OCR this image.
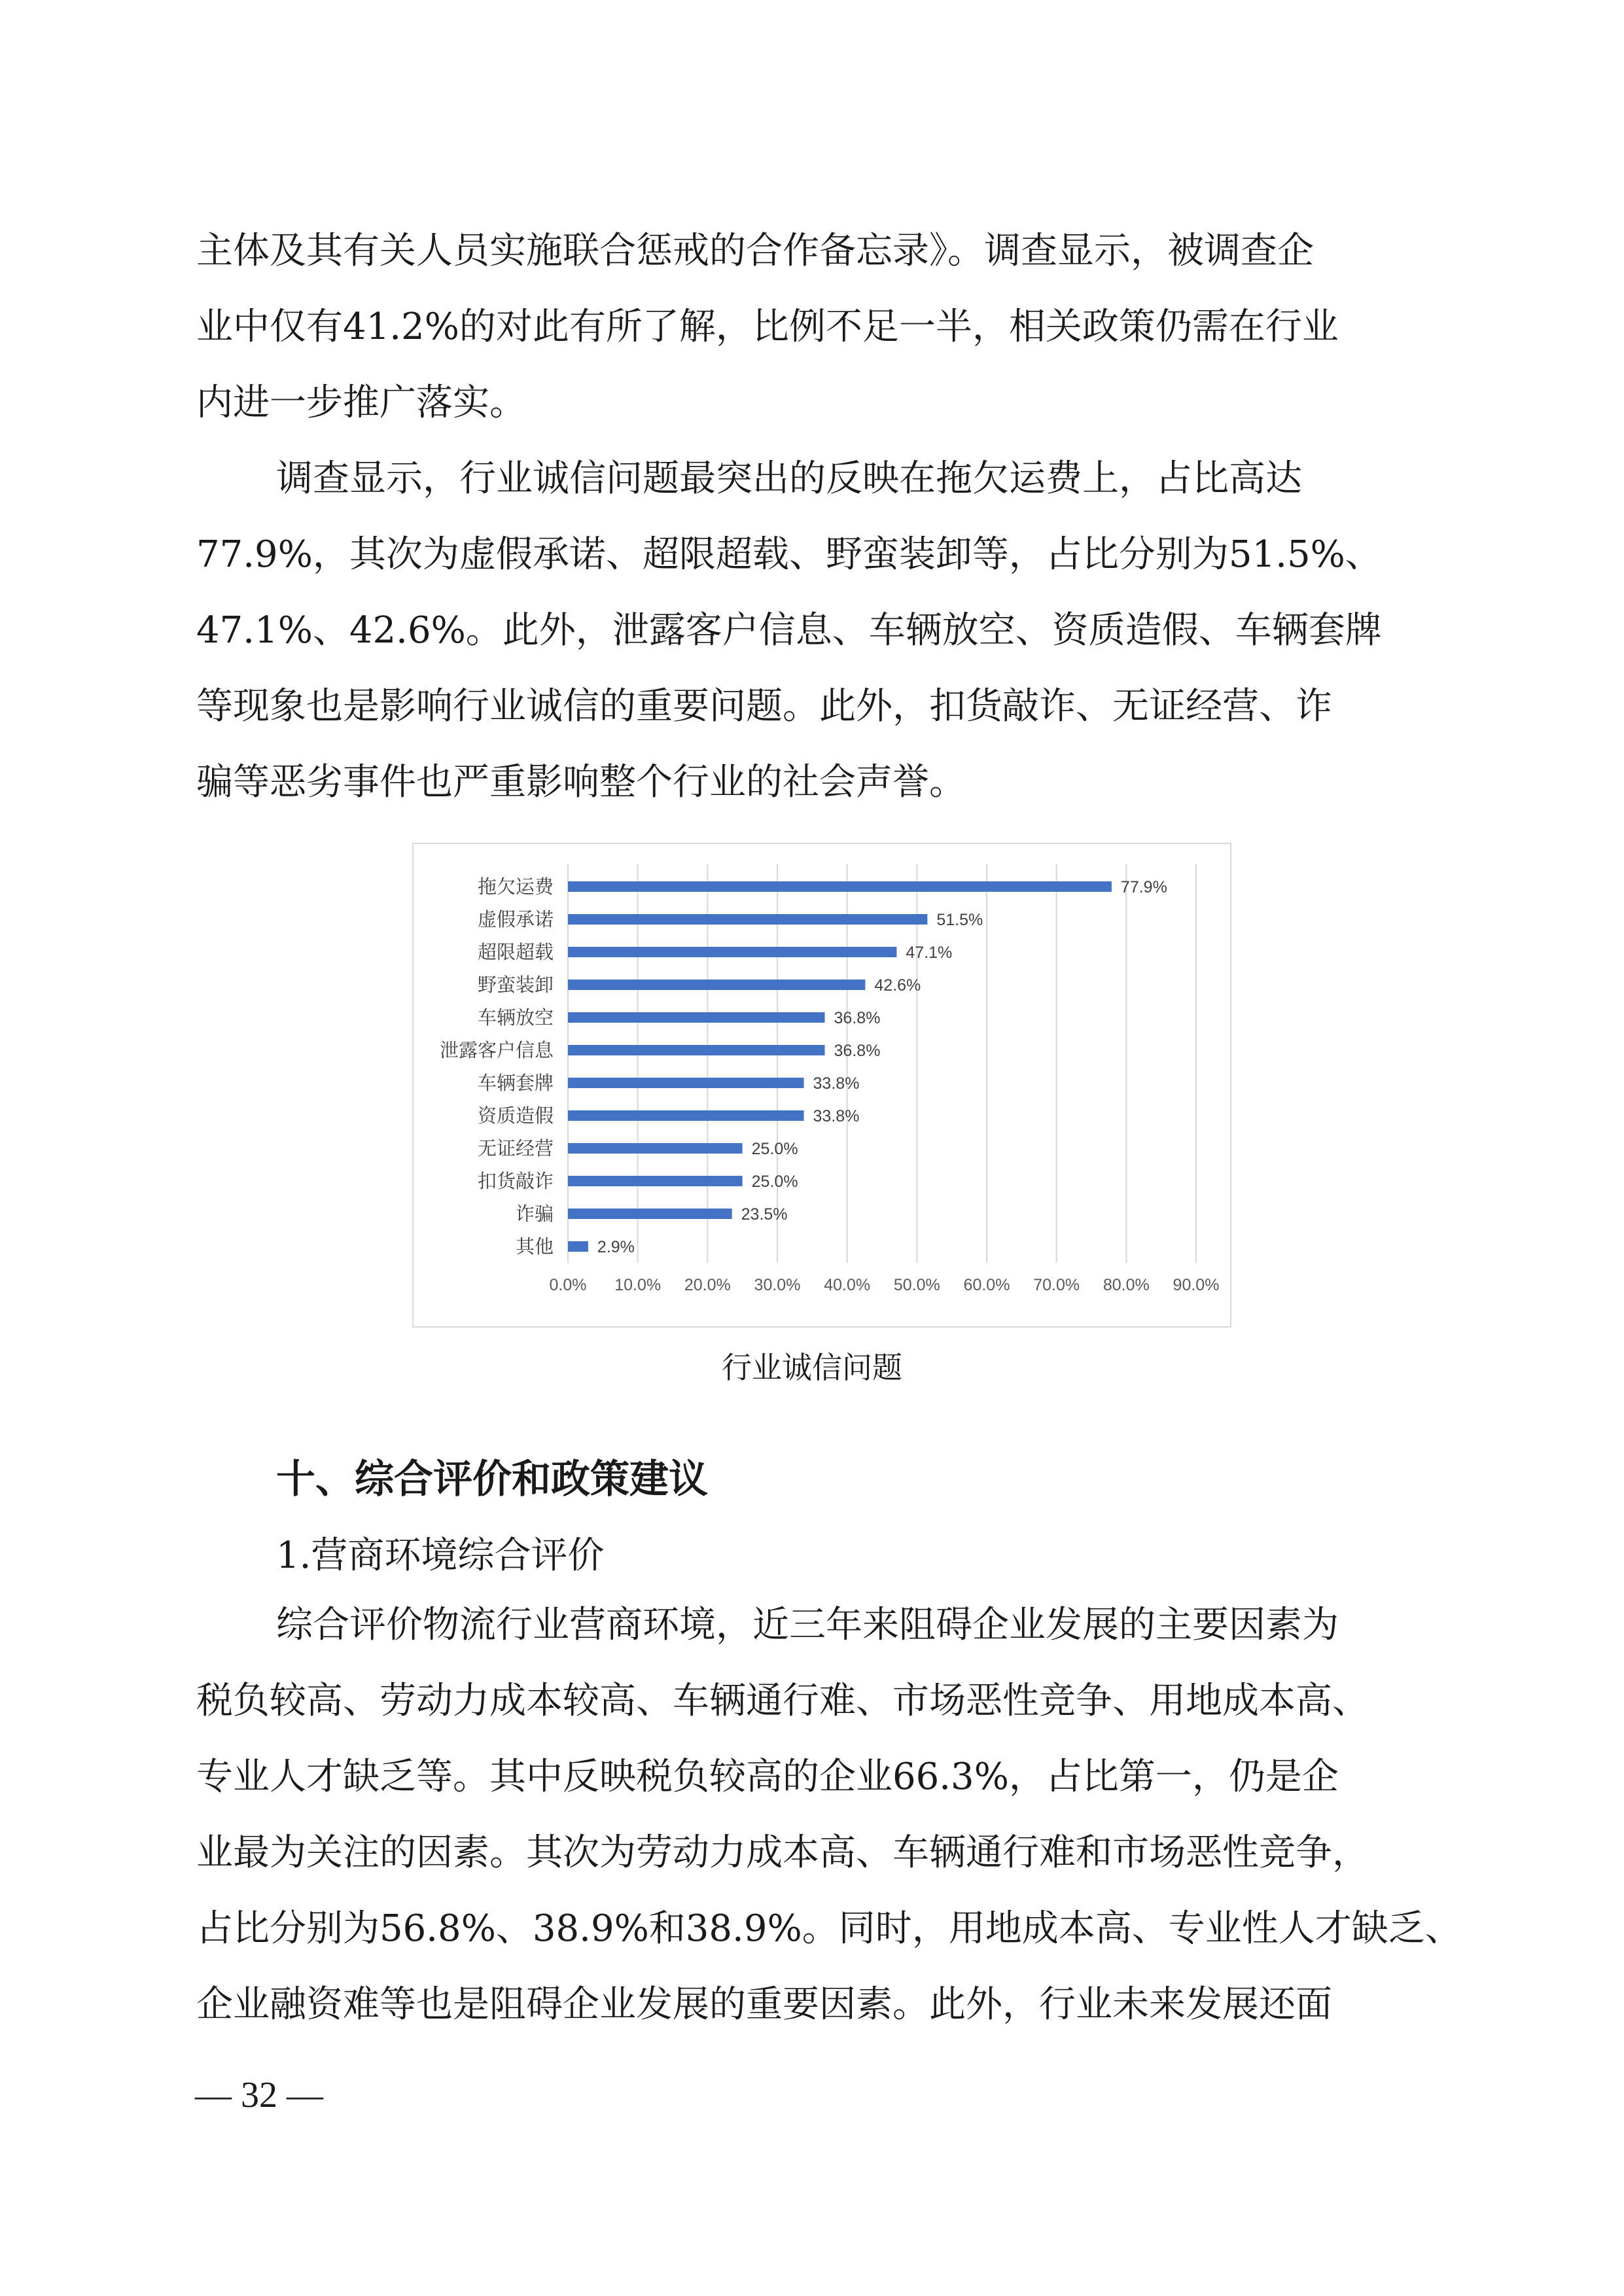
主体及其有关人员实施联合惩戒的合作备忘录》。调查显示，被调查企
业中仅有41.2%的对此有所了解，比例不足一半，相关政策仍需在行业
内进一步推广落实。
调查显示，行业诚信问题最突出的反映在拖欠运费上，占比高达
77.9%，其次为虚假承诺、超限超载、野蛮装卸等，占比分别为51.5%、
47.1%、42.6%。此外，泄露客户信息、车辆放空、资质造假、车辆套牌
等现象也是影响行业诚信的重要问题。此外，扣货敲诈、无证经营、诈
骗等恶劣事件也严重影响整个行业的社会声誉。
0.0% 10.0% 20.0% 30.0% 40.0% 50.0% 60.0% 70.0% 80.0% 90.0%
拖欠运费	77.9%
虚假承诺	51.5%
超限超载	47.1%
野蛮装卸	42.6%
车辆放空	36.8%
泄露客户信息	36.8%
车辆套牌	33.8%
资质造假	33.8%
无证经营	25.0%
扣货敲诈	25.0%
诈骗	23.5%
其他	2.9%
行业诚信问题
十、综合评价和政策建议
1.营商环境综合评价
综合评价物流行业营商环境，近三年来阻碍企业发展的主要因素为
税负较高、劳动力成本较高、车辆通行难、市场恶性竞争、用地成本高、
专业人才缺乏等。其中反映税负较高的企业66.3%，占比第一，仍是企
业最为关注的因素。其次为劳动力成本高、车辆通行难和市场恶性竞争，
占比分别为56.8%、38.9%和38.9%。同时，用地成本高、专业性人才缺乏、
企业融资难等也是阻碍企业发展的重要因素。此外，行业未来发展还面
— 32 —
